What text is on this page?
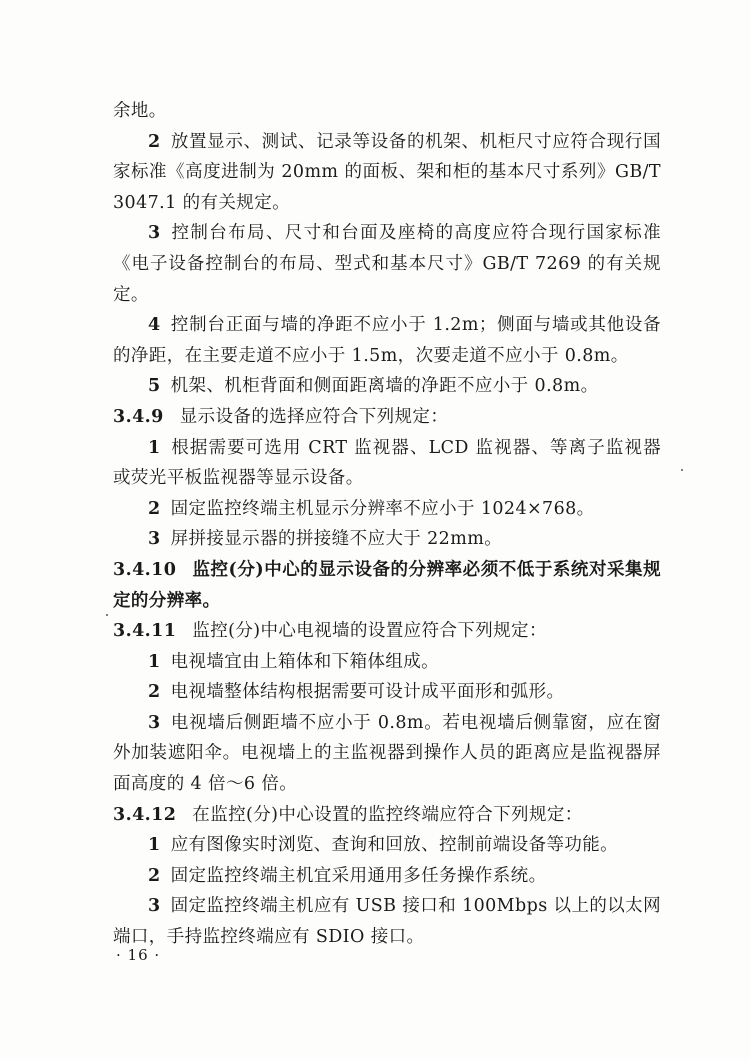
余地。

2 放置显示、测试、记录等设备的机架、机柜尺寸应符合现行国家标准《高度进制为 20mm 的面板、架和柜的基本尺寸系列》GB/T 3047.1 的有关规定。

3 控制台布局、尺寸和台面及座椅的高度应符合现行国家标准《电子设备控制台的布局、型式和基本尺寸》GB/T 7269 的有关规定。

4 控制台正面与墙的净距不应小于 1.2m；侧面与墙或其他设备的净距，在主要走道不应小于 1.5m，次要走道不应小于 0.8m。

5 机架、机柜背面和侧面距离墙的净距不应小于 0.8m。

3.4.9 显示设备的选择应符合下列规定：

1 根据需要可选用 CRT 监视器、LCD 监视器、等离子监视器或荧光平板监视器等显示设备。

2 固定监控终端主机显示分辨率不应小于 1024×768。

3 屏拼接显示器的拼接缝不应大于 22mm。

3.4.10 监控(分)中心的显示设备的分辨率必须不低于系统对采集规定的分辨率。

3.4.11 监控(分)中心电视墙的设置应符合下列规定：

1 电视墙宜由上箱体和下箱体组成。

2 电视墙整体结构根据需要可设计成平面形和弧形。

3 电视墙后侧距墙不应小于 0.8m。若电视墙后侧靠窗，应在窗外加装遮阳伞。电视墙上的主监视器到操作人员的距离应是监视器屏面高度的 4 倍～6 倍。

3.4.12 在监控(分)中心设置的监控终端应符合下列规定：

1 应有图像实时浏览、查询和回放、控制前端设备等功能。

2 固定监控终端主机宜采用通用多任务操作系统。

3 固定监控终端主机应有 USB 接口和 100Mbps 以上的以太网端口，手持监控终端应有 SDIO 接口。

· 16 ·
